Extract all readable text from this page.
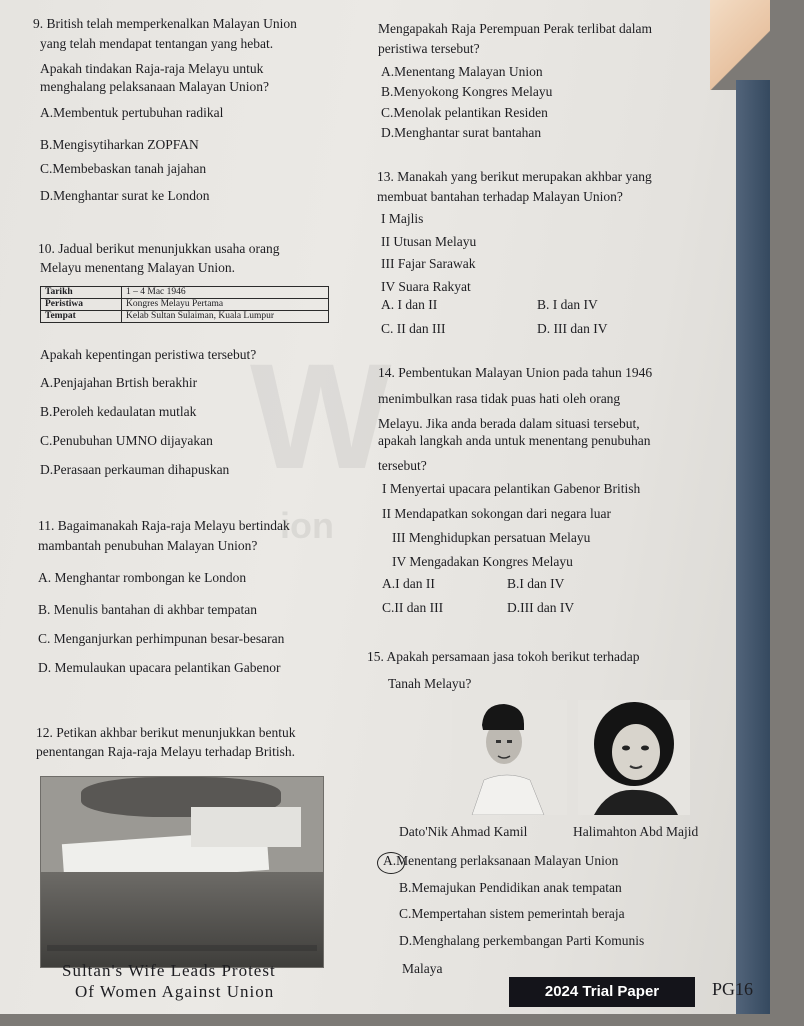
W
ion
9. British telah memperkenalkan Malayan Union
yang telah mendapat tentangan yang hebat.
Apakah tindakan Raja-raja Melayu untuk
menghalang pelaksanaan Malayan Union?
A.Membentuk pertubuhan radikal
B.Mengisytiharkan ZOPFAN
C.Membebaskan tanah jajahan
D.Menghantar surat ke London
10. Jadual berikut menunjukkan usaha orang
Melayu menentang Malayan Union.
Tarikh	1 – 4 Mac 1946
Peristiwa	Kongres Melayu Pertama
Tempat	Kelab Sultan Sulaiman, Kuala Lumpur
Apakah kepentingan peristiwa tersebut?
A.Penjajahan Brtish berakhir
B.Peroleh kedaulatan mutlak
C.Penubuhan UMNO dijayakan
D.Perasaan perkauman dihapuskan
11. Bagaimanakah Raja-raja Melayu bertindak
mambantah penubuhan Malayan Union?
A. Menghantar rombongan ke London
B. Menulis bantahan di akhbar tempatan
C. Menganjurkan perhimpunan besar-besaran
D. Memulaukan upacara pelantikan Gabenor
12. Petikan akhbar berikut menunjukkan bentuk
penentangan Raja-raja Melayu terhadap British.
Sultan's Wife Leads Protest
Of Women Against Union
Mengapakah Raja Perempuan Perak terlibat dalam
peristiwa tersebut?
A.Menentang Malayan Union
B.Menyokong Kongres Melayu
C.Menolak pelantikan Residen
D.Menghantar surat bantahan
13. Manakah yang berikut merupakan akhbar yang
membuat bantahan terhadap Malayan Union?
I Majlis
II Utusan Melayu
III Fajar Sarawak
IV Suara Rakyat
A. I dan II	B. I dan IV
C. II dan III	D. III dan IV
14. Pembentukan Malayan Union pada tahun 1946
menimbulkan rasa tidak puas hati oleh orang
Melayu. Jika anda berada dalam situasi tersebut,
apakah langkah anda untuk menentang penubuhan
tersebut?
I Menyertai upacara pelantikan Gabenor British
II Mendapatkan sokongan dari negara luar
III Menghidupkan persatuan Melayu
IV Mengadakan Kongres Melayu
A.I dan II	B.I dan IV
C.II dan III	D.III dan IV
15. Apakah persamaan jasa tokoh berikut terhadap
Tanah Melayu?
Dato'Nik Ahmad Kamil	Halimahton Abd Majid
A.Menentang perlaksanaan Malayan Union
B.Memajukan Pendidikan anak tempatan
C.Mempertahan sistem pemerintah beraja
D.Menghalang perkembangan Parti Komunis
Malaya
2024 Trial Paper	PG16
